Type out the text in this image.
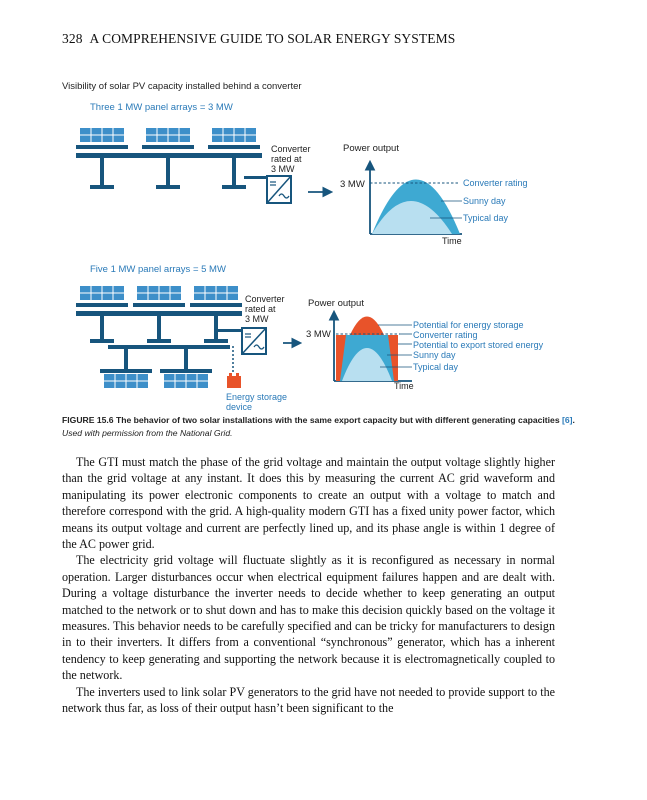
328 A COMPREHENSIVE GUIDE TO SOLAR ENERGY SYSTEMS
Visibility of solar PV capacity installed behind a converter
Three 1 MW panel arrays = 3 MW
Converter rated at 3 MW
Power output
3 MW	Converter rating
Sunny day
Typical day
Time
Five 1 MW panel arrays = 5 MW
Converter rated at 3 MW
Energy storage device
Power output
3 MW
Potential for energy storage
Converter rating
Potential to export stored energy
Sunny day
Typical day
Time
FIGURE 15.6 The behavior of two solar installations with the same export capacity but with different generating capacities [6]. Used with permission from the National Grid.

The GTI must match the phase of the grid voltage and maintain the output voltage slightly higher than the grid voltage at any instant. It does this by measuring the current AC grid waveform and manipulating its power electronic components to create an output with a voltage to match and therefore correspond with the grid. A high-quality modern GTI has a fixed unity power factor, which means its output voltage and current are perfectly lined up, and its phase angle is within 1 degree of the AC power grid.

The electricity grid voltage will fluctuate slightly as it is reconfigured as necessary in normal operation. Larger disturbances occur when electrical equipment failures happen and are dealt with. During a voltage disturbance the inverter needs to decide whether to keep generating an output matched to the network or to shut down and has to make this decision quickly based on the voltage it measures. This behavior needs to be carefully specified and can be tricky for manufacturers to design in to their inverters. It differs from a conventional “synchronous” generator, which has a inherent tendency to keep generating and supporting the network because it is electromagnetically coupled to the network.

The inverters used to link solar PV generators to the grid have not needed to provide support to the network thus far, as loss of their output hasn’t been significant to the
